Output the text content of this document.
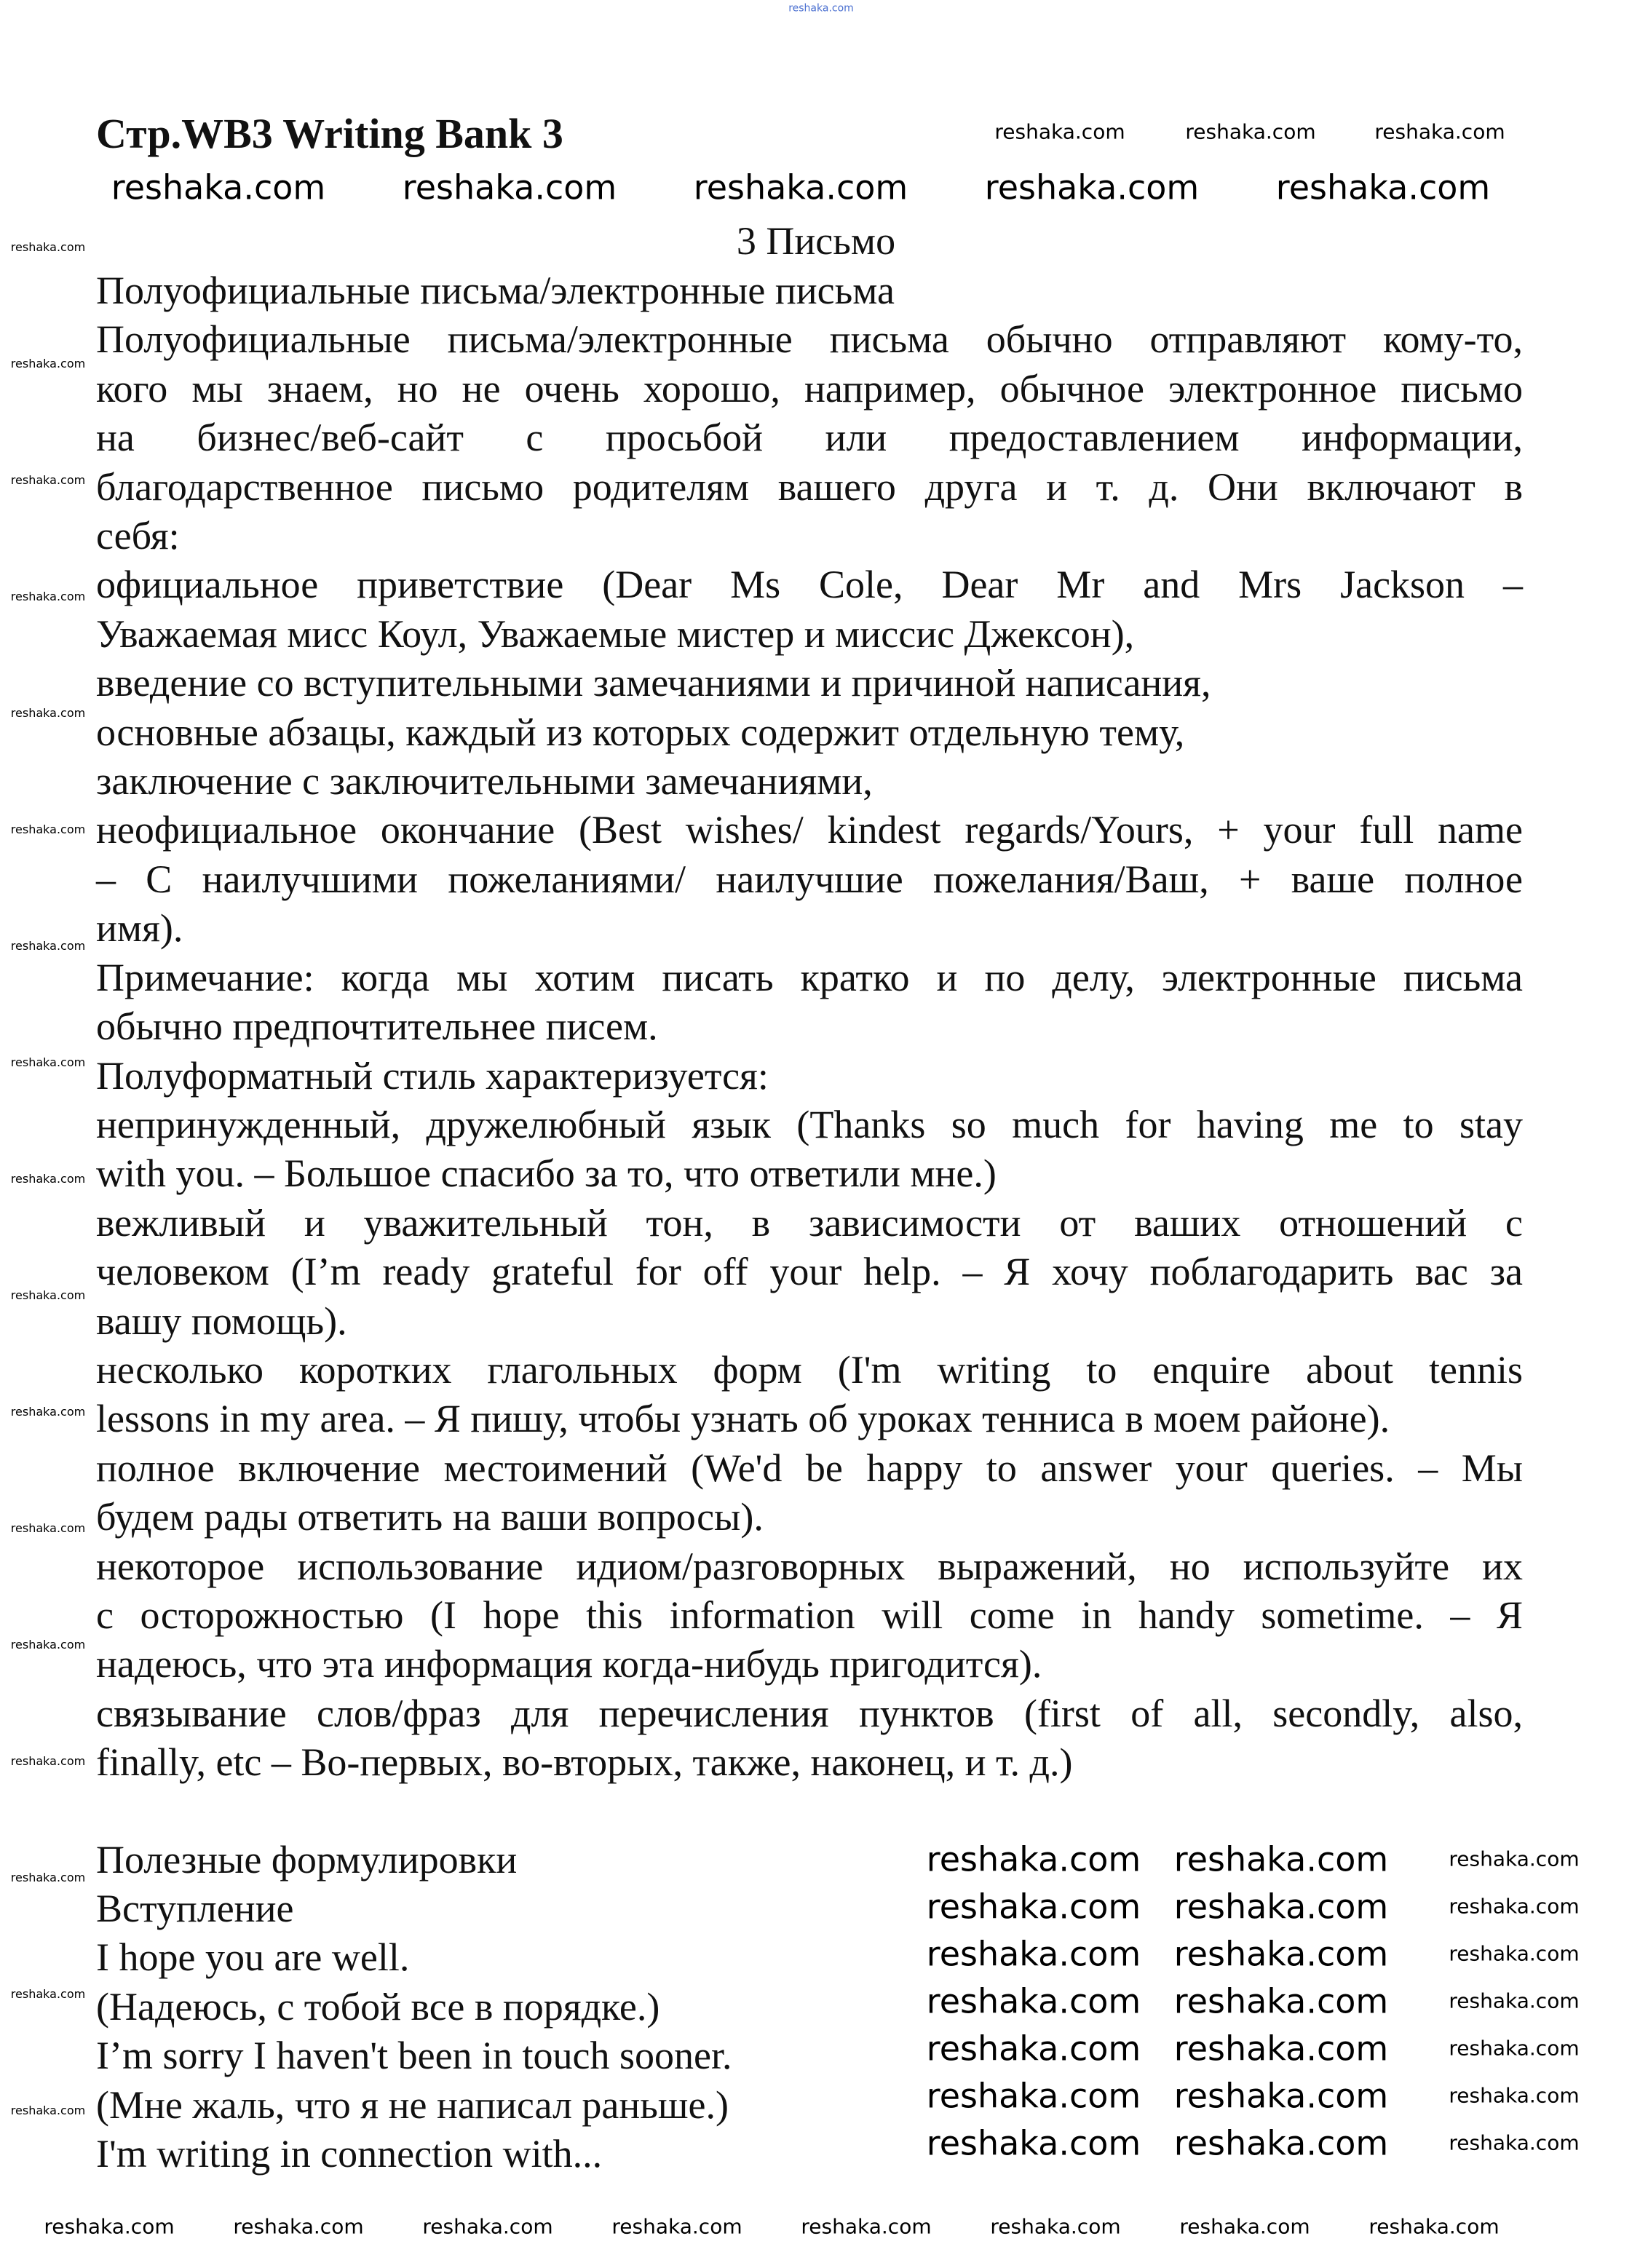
Стр.WB3 Writing Bank 3
3 Письмо
Полуофициальные письма/электронные письма
Полуофициальные письма/электронные письма обычно отправляют кому-то,
кого мы знаем, но не очень хорошо, например, обычное электронное письмо
на бизнес/веб-сайт с просьбой или предоставлением информации,
благодарственное письмо родителям вашего друга и т. д. Они включают в
себя:
официальное приветствие (Dear Ms Cole, Dear Mr and Mrs Jackson –
Уважаемая мисс Коул, Уважаемые мистер и миссис Джексон),
введение со вступительными замечаниями и причиной написания,
основные абзацы, каждый из которых содержит отдельную тему,
заключение с заключительными замечаниями,
неофициальное окончание (Best wishes/ kindest regards/Yours, + your full name
– С наилучшими пожеланиями/ наилучшие пожелания/Ваш, + ваше полное
имя).
Примечание: когда мы хотим писать кратко и по делу, электронные письма
обычно предпочтительнее писем.
Полуформатный стиль характеризуется:
непринужденный, дружелюбный язык (Thanks so much for having me to stay
with you. – Большое спасибо за то, что ответили мне.)
вежливый и уважительный тон, в зависимости от ваших отношений с
человеком (I’m ready grateful for off your help. – Я хочу поблагодарить вас за
вашу помощь).
несколько коротких глагольных форм (I'm writing to enquire about tennis
lessons in my area. – Я пишу, чтобы узнать об уроках тенниса в моем районе).
полное включение местоимений (We'd be happy to answer your queries. – Мы
будем рады ответить на ваши вопросы).
некоторое использование идиом/разговорных выражений, но используйте их
с осторожностью (I hope this information will come in handy sometime. – Я
надеюсь, что эта информация когда-нибудь пригодится).
связывание слов/фраз для перечисления пунктов (first of all, secondly, also,
finally, etc – Во-первых, во-вторых, также, наконец, и т. д.)
Полезные формулировки
Вступление
I hope you are well.
(Надеюсь, с тобой все в порядке.)
I’m sorry I haven't been in touch sooner.
(Мне жаль, что я не написал раньше.)
I'm writing in connection with...
reshaka.com
reshaka.com	reshaka.com	reshaka.com
reshaka.com reshaka.com reshaka.com reshaka.com reshaka.com
reshaka.com reshaka.com
reshaka.com reshaka.com
reshaka.com reshaka.com
reshaka.com reshaka.com
reshaka.com reshaka.com
reshaka.com reshaka.com
reshaka.com reshaka.com
reshaka.com
reshaka.com
reshaka.com
reshaka.com
reshaka.com
reshaka.com
reshaka.com
reshaka.com	reshaka.com	reshaka.com	reshaka.com	reshaka.com	reshaka.com	reshaka.com	reshaka.com
reshaka.com
reshaka.com
reshaka.com
reshaka.com
reshaka.com
reshaka.com
reshaka.com
reshaka.com
reshaka.com
reshaka.com
reshaka.com
reshaka.com
reshaka.com
reshaka.com
reshaka.com
reshaka.com
reshaka.com
